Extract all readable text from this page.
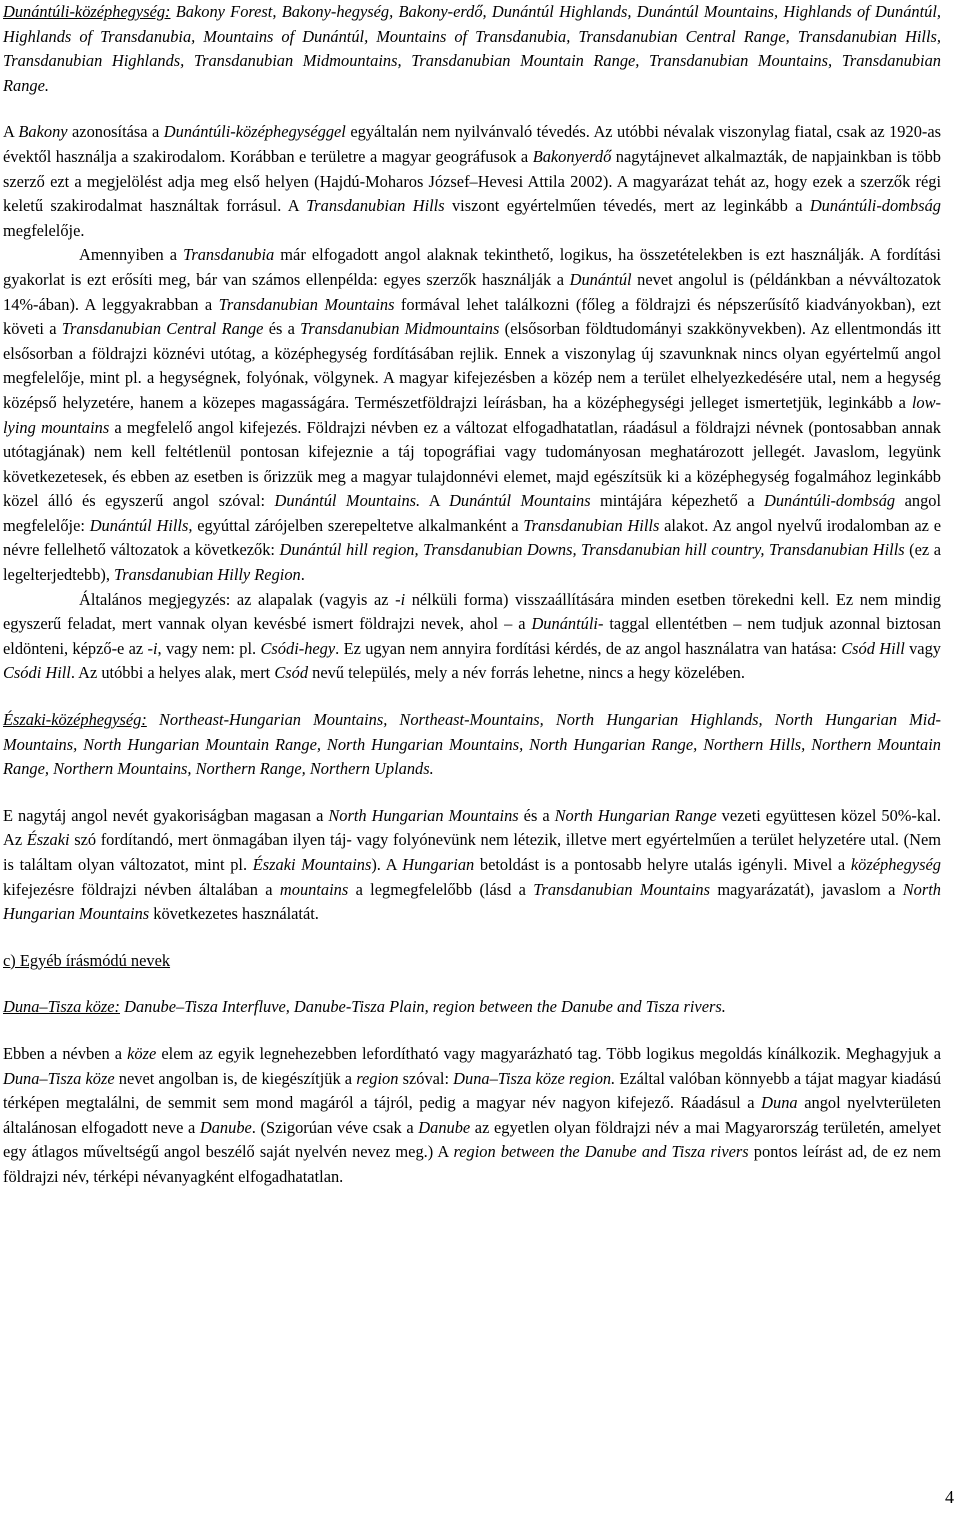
Dunántúli-középhegység: Bakony Forest, Bakony-hegység, Bakony-erdő, Dunántúl Highlands, Dunántúl Mountains, Highlands of Dunántúl, Highlands of Transdanubia, Mountains of Dunántúl, Mountains of Transdanubia, Transdanubian Central Range, Transdanubian Hills, Transdanubian Highlands, Transdanubian Midmountains, Transdanubian Mountain Range, Transdanubian Mountains, Transdanubian Range.

A Bakony azonosítása a Dunántúli-középhegységgel egyáltalán nem nyilvánvaló tévedés. Az utóbbi névalak viszonylag fiatal, csak az 1920-as évektől használja a szakirodalom. Korábban e területre a magyar geográfusok a Bakonyerdő nagytájnevet alkalmazták, de napjainkban is több szerző ezt a megjelölést adja meg első helyen (Hajdú-Moharos József–Hevesi Attila 2002). A magyarázat tehát az, hogy ezek a szerzők régi keletű szakirodalmat használtak forrásul. A Transdanubian Hills viszont egyértelműen tévedés, mert az leginkább a Dunántúli-dombság megfelelője.

Amennyiben a Transdanubia már elfogadott angol alaknak tekinthető, logikus, ha összetételekben is ezt használják. A fordítási gyakorlat is ezt erősíti meg, bár van számos ellenpélda: egyes szerzők használják a Dunántúl nevet angolul is (példánkban a névváltozatok 14%-ában). A leggyakrabban a Transdanubian Mountains formával lehet találkozni (főleg a földrajzi és népszerűsítő kiadványokban), ezt követi a Transdanubian Central Range és a Transdanubian Midmountains (elsősorban földtudományi szakkönyvekben). Az ellentmondás itt elsősorban a földrajzi köznévi utótag, a középhegység fordításában rejlik. Ennek a viszonylag új szavunknak nincs olyan egyértelmű angol megfelelője, mint pl. a hegységnek, folyónak, völgynek. A magyar kifejezésben a közép nem a terület elhelyezkedésére utal, nem a hegység középső helyzetére, hanem a közepes magasságára. Természetföldrajzi leírásban, ha a középhegységi jelleget ismertetjük, leginkább a low-lying mountains a megfelelő angol kifejezés. Földrajzi névben ez a változat elfogadhatatlan, ráadásul a földrajzi névnek (pontosabban annak utótagjának) nem kell feltétlenül pontosan kifejeznie a táj topográfiai vagy tudományosan meghatározott jellegét. Javaslom, legyünk következetesek, és ebben az esetben is őrizzük meg a magyar tulajdonnévi elemet, majd egészítsük ki a középhegység fogalmához leginkább közel álló és egyszerű angol szóval: Dunántúl Mountains. A Dunántúl Mountains mintájára képezhető a Dunántúli-dombság angol megfelelője: Dunántúl Hills, egyúttal zárójelben szerepeltetve alkalmanként a Transdanubian Hills alakot. Az angol nyelvű irodalomban az e névre fellelhető változatok a következők: Dunántúl hill region, Transdanubian Downs, Transdanubian hill country, Transdanubian Hills (ez a legelterjedtebb), Transdanubian Hilly Region.

Általános megjegyzés: az alapalak (vagyis az -i nélküli forma) visszaállítására minden esetben törekedni kell. Ez nem mindig egyszerű feladat, mert vannak olyan kevésbé ismert földrajzi nevek, ahol – a Dunántúli- taggal ellentétben – nem tudjuk azonnal biztosan eldönteni, képző-e az -i, vagy nem: pl. Csódi-hegy. Ez ugyan nem annyira fordítási kérdés, de az angol használatra van hatása: Csód Hill vagy Csódi Hill. Az utóbbi a helyes alak, mert Csód nevű település, mely a név forrás lehetne, nincs a hegy közelében.

Északi-középhegység: Northeast-Hungarian Mountains, Northeast-Mountains, North Hungarian Highlands, North Hungarian Mid-Mountains, North Hungarian Mountain Range, North Hungarian Mountains, North Hungarian Range, Northern Hills, Northern Mountain Range, Northern Mountains, Northern Range, Northern Uplands.

E nagytáj angol nevét gyakoriságban magasan a North Hungarian Mountains és a North Hungarian Range vezeti együttesen közel 50%-kal. Az Északi szó fordítandó, mert önmagában ilyen táj- vagy folyónevünk nem létezik, illetve mert egyértelműen a terület helyzetére utal. (Nem is találtam olyan változatot, mint pl. Északi Mountains). A Hungarian betoldást is a pontosabb helyre utalás igényli. Mivel a középhegység kifejezésre földrajzi névben általában a mountains a legmegfelelőbb (lásd a Transdanubian Mountains magyarázatát), javaslom a North Hungarian Mountains következetes használatát.

c) Egyéb írásmódú nevek

Duna–Tisza köze: Danube–Tisza Interfluve, Danube-Tisza Plain, region between the Danube and Tisza rivers.

Ebben a névben a köze elem az egyik legnehezebben lefordítható vagy magyarázható tag. Több logikus megoldás kínálkozik. Meghagyjuk a Duna–Tisza köze nevet angolban is, de kiegészítjük a region szóval: Duna–Tisza köze region. Ezáltal valóban könnyebb a tájat magyar kiadású térképen megtalálni, de semmit sem mond magáról a tájról, pedig a magyar név nagyon kifejező. Ráadásul a Duna angol nyelvterületen általánosan elfogadott neve a Danube. (Szigorúan véve csak a Danube az egyetlen olyan földrajzi név a mai Magyarország területén, amelyet egy átlagos műveltségű angol beszélő saját nyelvén nevez meg.) A region between the Danube and Tisza rivers pontos leírást ad, de ez nem földrajzi név, térképi névanyagként elfogadhatatlan.

4
